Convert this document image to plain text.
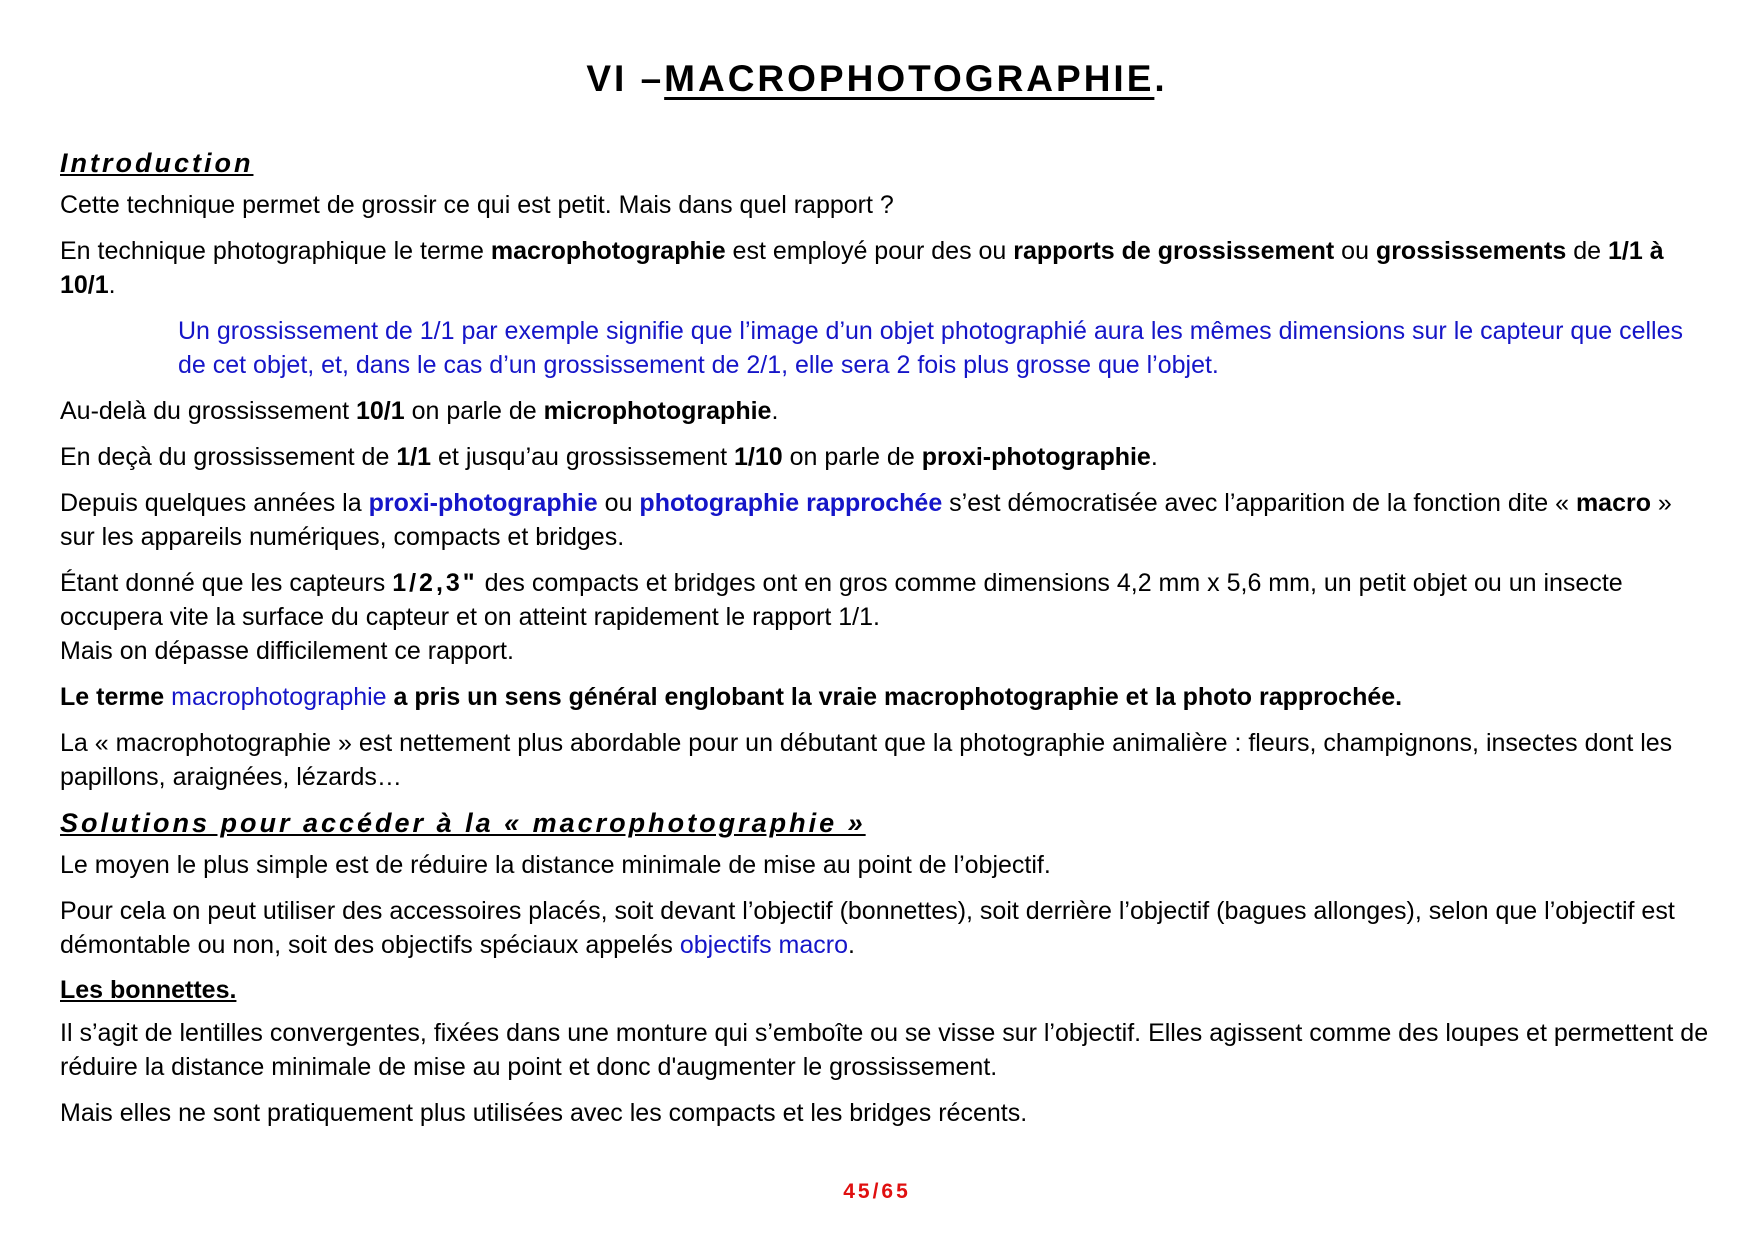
VI –MACROPHOTOGRAPHIE.
Introduction

Cette technique permet de grossir ce qui est petit. Mais dans quel rapport ?

En technique photographique le terme macrophotographie est employé pour des ou rapports de grossissement ou grossissements de 1/1 à 10/1.

Un grossissement de 1/1 par exemple signifie que l’image d’un objet photographié aura les mêmes dimensions sur le capteur que celles de cet objet, et, dans le cas d’un grossissement de 2/1, elle sera 2 fois plus grosse que l’objet.

Au-delà du grossissement 10/1 on parle de microphotographie.

En deçà du grossissement de 1/1 et jusqu’au grossissement 1/10 on parle de proxi-photographie.

Depuis quelques années la proxi-photographie ou photographie rapprochée s’est démocratisée avec l’apparition de la fonction dite « macro » sur les appareils numériques, compacts et bridges.

Étant donné que les capteurs 1/2,3" des compacts et bridges ont en gros comme dimensions 4,2 mm x 5,6 mm, un petit objet ou un insecte occupera vite la surface du capteur et on atteint rapidement le rapport 1/1.

Mais on dépasse difficilement ce rapport.

Le terme macrophotographie a pris un sens général englobant la vraie macrophotographie et la photo rapprochée.

La « macrophotographie » est nettement plus abordable pour un débutant que la photographie animalière : fleurs, champignons, insectes dont les papillons, araignées, lézards…

Solutions pour accéder à la « macrophotographie »

Le moyen le plus simple est de réduire la distance minimale de mise au point de l’objectif.

Pour cela on peut utiliser des accessoires placés, soit devant l’objectif (bonnettes), soit derrière l’objectif (bagues allonges), selon que l’objectif est démontable ou non, soit des objectifs spéciaux appelés objectifs macro.

Les bonnettes.

Il s’agit de lentilles convergentes, fixées dans une monture qui s’emboîte ou se visse sur l’objectif. Elles agissent comme des loupes et permettent de réduire la distance minimale de mise au point et donc d'augmenter le grossissement.

Mais elles ne sont pratiquement plus utilisées avec les compacts et les bridges récents.

45/65
